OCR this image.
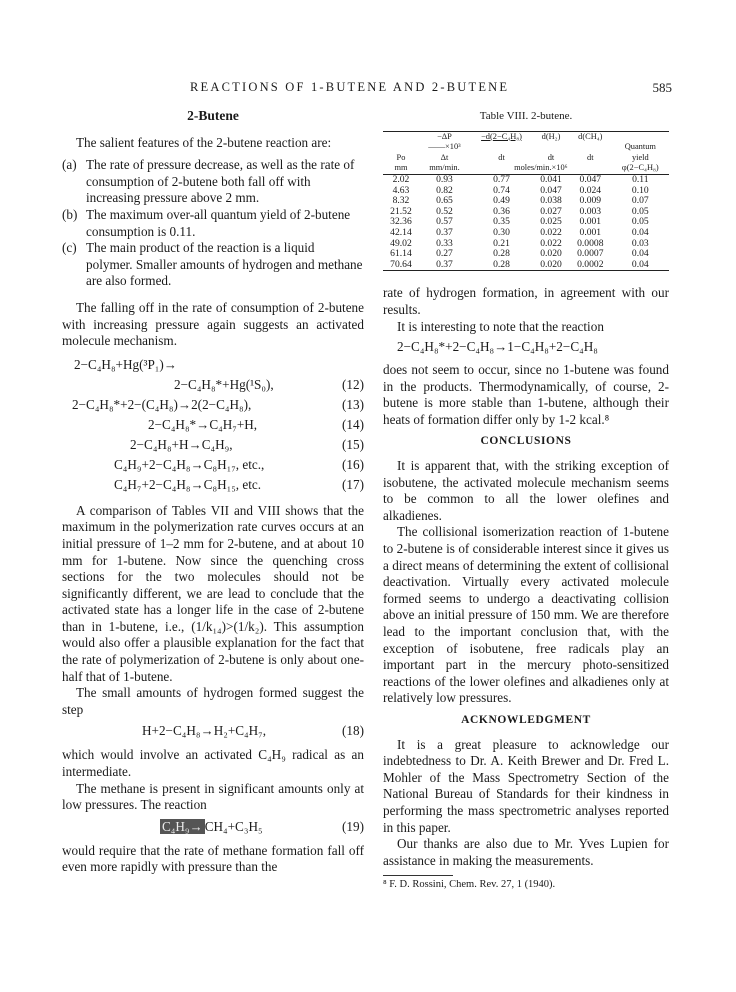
REACTIONS OF 1-BUTENE AND 2-BUTENE	585
2-Butene

The salient features of the 2-butene reaction are:

(a) The rate of pressure decrease, as well as the rate of consumption of 2-butene both fall off with increasing pressure above 2 mm.
(b) The maximum over-all quantum yield of 2-butene consumption is 0.11.
(c) The main product of the reaction is a liquid polymer. Smaller amounts of hydrogen and methane are also formed.

The falling off in the rate of consumption of 2-butene with increasing pressure again suggests an activated molecule mechanism.

2−C₄H₈+Hg(³P₁)→
2−C₄H₈*+Hg(¹S₀),	(12)
2−C₄H₈*+2−(C₄H₈)→2(2−C₄H₈),	(13)
2−C₄H₈*→C₄H₇+H,	(14)
2−C₄H₈+H→C₄H₉,	(15)
C₄H₉+2−C₄H₈→C₈H₁₇, etc.,	(16)
C₄H₇+2−C₄H₈→C₈H₁₅, etc.	(17)

A comparison of Tables VII and VIII shows that the maximum in the polymerization rate curves occurs at an initial pressure of 1–2 mm for 2-butene, and at about 10 mm for 1-butene. Now since the quenching cross sections for the two molecules should not be significantly different, we are lead to conclude that the activated state has a longer life in the case of 2-butene than in 1-butene, i.e., (1/k₁₄)>(1/k₂). This assumption would also offer a plausible explanation for the fact that the rate of polymerization of 2-butene is only about one-half that of 1-butene.

The small amounts of hydrogen formed suggest the step

H+2−C₄H₈→H₂+C₄H₇,	(18)

which would involve an activated C₄H₉ radical as an intermediate.

The methane is present in significant amounts only at low pressures. The reaction

C₄H₉→ CH₄+C₃H₅	(19)

would require that the rate of methane formation fall off even more rapidly with pressure than the

Table VIII. 2-butene.
	−ΔP	−d(2−C₄H₈)	d(H₂)	d(CH₄)	
	——×10³				Quantum
Po	Δt	dt	dt	dt	yield
mm	mm/min.	moles/min.×10⁶			φ(2−C₄H₈)
2.02	0.93	0.77	0.041	0.047	0.11
4.63	0.82	0.74	0.047	0.024	0.10
8.32	0.65	0.49	0.038	0.009	0.07
21.52	0.52	0.36	0.027	0.003	0.05
32.36	0.57	0.35	0.025	0.001	0.05
42.14	0.37	0.30	0.022	0.001	0.04
49.02	0.33	0.21	0.022	0.0008	0.03
61.14	0.27	0.28	0.020	0.0007	0.04
70.64	0.37	0.28	0.020	0.0002	0.04

rate of hydrogen formation, in agreement with our results.

It is interesting to note that the reaction

2−C₄H₈*+2−C₄H₈→1−C₄H₈+2−C₄H₈

does not seem to occur, since no 1-butene was found in the products. Thermodynamically, of course, 2-butene is more stable than 1-butene, although their heats of formation differ only by 1-2 kcal.⁸

CONCLUSIONS

It is apparent that, with the striking exception of isobutene, the activated molecule mechanism seems to be common to all the lower olefines and alkadienes.

The collisional isomerization reaction of 1-butene to 2-butene is of considerable interest since it gives us a direct means of determining the extent of collisional deactivation. Virtually every activated molecule formed seems to undergo a deactivating collision above an initial pressure of 150 mm. We are therefore lead to the important conclusion that, with the exception of isobutene, free radicals play an important part in the mercury photo-sensitized reactions of the lower olefines and alkadienes only at relatively low pressures.

ACKNOWLEDGMENT

It is a great pleasure to acknowledge our indebtedness to Dr. A. Keith Brewer and Dr. Fred L. Mohler of the Mass Spectrometry Section of the National Bureau of Standards for their kindness in performing the mass spectrometric analyses reported in this paper.

Our thanks are also due to Mr. Yves Lupien for assistance in making the measurements.

⁸ F. D. Rossini, Chem. Rev. 27, 1 (1940).
